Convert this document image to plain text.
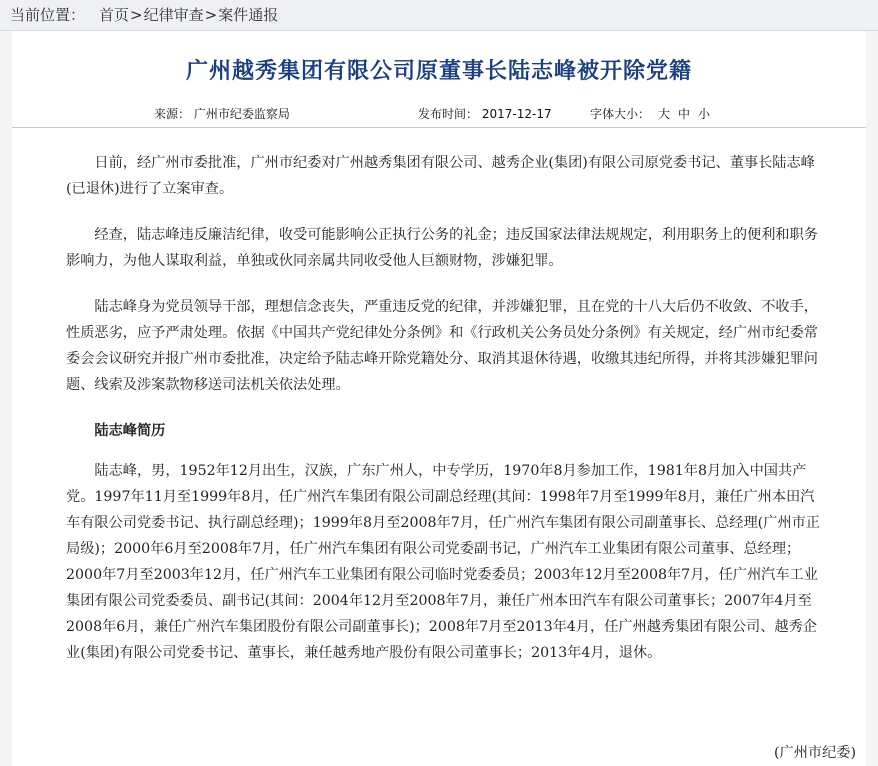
当前位置： 首页>纪律审查>案件通报
广州越秀集团有限公司原董事长陆志峰被开除党籍
来源： 广州市纪委监察局	发布时间： 2017-12-17	字体大小： 大 中 小

日前，经广州市委批准，广州市纪委对广州越秀集团有限公司、越秀企业(集团)有限公司原党委书记、董事长陆志峰(已退休)进行了立案审查。

经查，陆志峰违反廉洁纪律，收受可能影响公正执行公务的礼金；违反国家法律法规规定，利用职务上的便利和职务影响力，为他人谋取利益，单独或伙同亲属共同收受他人巨额财物，涉嫌犯罪。

陆志峰身为党员领导干部，理想信念丧失，严重违反党的纪律，并涉嫌犯罪，且在党的十八大后仍不收敛、不收手，性质恶劣，应予严肃处理。依据《中国共产党纪律处分条例》和《行政机关公务员处分条例》有关规定，经广州市纪委常委会会议研究并报广州市委批准，决定给予陆志峰开除党籍处分、取消其退休待遇，收缴其违纪所得，并将其涉嫌犯罪问题、线索及涉案款物移送司法机关依法处理。

陆志峰简历

陆志峰，男，1952年12月出生，汉族，广东广州人，中专学历，1970年8月参加工作，1981年8月加入中国共产党。1997年11月至1999年8月，任广州汽车集团有限公司副总经理(其间：1998年7月至1999年8月，兼任广州本田汽车有限公司党委书记、执行副总经理)；1999年8月至2008年7月，任广州汽车集团有限公司副董事长、总经理(广州市正局级)；2000年6月至2008年7月，任广州汽车集团有限公司党委副书记，广州汽车工业集团有限公司董事、总经理；2000年7月至2003年12月，任广州汽车工业集团有限公司临时党委委员；2003年12月至2008年7月，任广州汽车工业集团有限公司党委委员、副书记(其间：2004年12月至2008年7月，兼任广州本田汽车有限公司董事长；2007年4月至2008年6月，兼任广州汽车集团股份有限公司副董事长)；2008年7月至2013年4月，任广州越秀集团有限公司、越秀企业(集团)有限公司党委书记、董事长，兼任越秀地产股份有限公司董事长；2013年4月，退休。

(广州市纪委)
